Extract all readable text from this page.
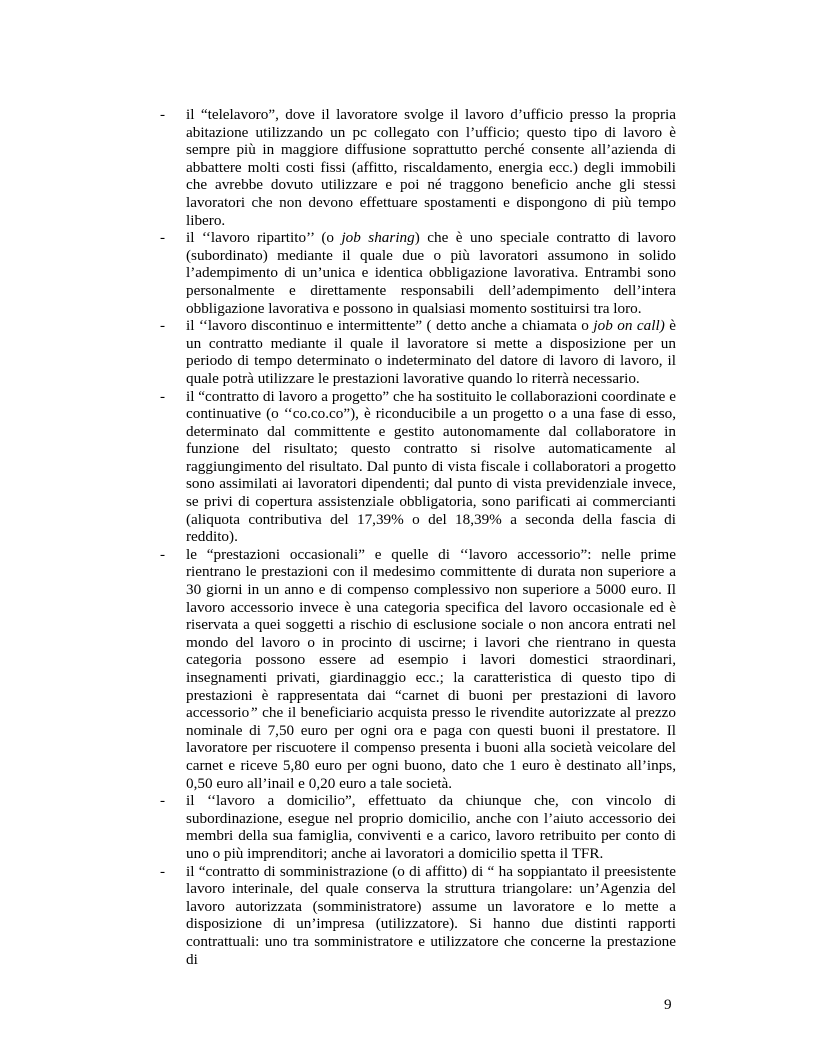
- il “telelavoro”, dove il lavoratore svolge il lavoro d’ufficio presso la propria abitazione utilizzando un pc collegato con l’ufficio; questo tipo di lavoro è sempre più in maggiore diffusione soprattutto perché consente all’azienda di abbattere molti costi fissi (affitto, riscaldamento, energia ecc.) degli immobili che avrebbe dovuto utilizzare e poi né traggono beneficio anche gli stessi lavoratori che non devono effettuare spostamenti e dispongono di più tempo libero.
- il ‘‘lavoro ripartito’’ (o job sharing) che è uno speciale contratto di lavoro (subordinato) mediante il quale due o più lavoratori assumono in solido l’adempimento di un’unica e identica obbligazione lavorativa. Entrambi sono personalmente e direttamente responsabili dell’adempimento dell’intera obbligazione lavorativa e possono in qualsiasi momento sostituirsi tra loro.
- il ‘‘lavoro discontinuo e intermittente” ( detto anche a chiamata o job on call) è un contratto mediante il quale il lavoratore si mette a disposizione per un periodo di tempo determinato o indeterminato del datore di lavoro di lavoro, il quale potrà utilizzare le prestazioni lavorative quando lo riterrà necessario.
- il “contratto di lavoro a progetto” che ha sostituito le collaborazioni coordinate e continuative (o ‘‘co.co.co”), è riconducibile a un progetto o a una fase di esso, determinato dal committente e gestito autonomamente dal collaboratore in funzione del risultato; questo contratto si risolve automaticamente al raggiungimento del risultato. Dal punto di vista fiscale i collaboratori a progetto sono assimilati ai lavoratori dipendenti; dal punto di vista previdenziale invece, se privi di copertura assistenziale obbligatoria, sono parificati ai commercianti (aliquota contributiva del 17,39% o del 18,39% a seconda della fascia di reddito).
- le “prestazioni occasionali” e quelle di ‘‘lavoro accessorio”: nelle prime rientrano le prestazioni con il medesimo committente di durata non superiore a 30 giorni in un anno e di compenso complessivo non superiore a 5000 euro. Il lavoro accessorio invece è una categoria specifica del lavoro occasionale ed è riservata a quei soggetti a rischio di esclusione sociale o non ancora entrati nel mondo del lavoro o in procinto di uscirne; i lavori che rientrano in questa categoria possono essere ad esempio i lavori domestici straordinari, insegnamenti privati, giardinaggio ecc.; la caratteristica di questo tipo di prestazioni è rappresentata dai “carnet di buoni per prestazioni di lavoro accessorio” che il beneficiario acquista presso le rivendite autorizzate al prezzo nominale di 7,50 euro per ogni ora e paga con questi buoni il prestatore. Il lavoratore per riscuotere il compenso presenta i buoni alla società veicolare del carnet e riceve 5,80 euro per ogni buono, dato che 1 euro è destinato all’inps, 0,50 euro all’inail e 0,20 euro a tale società.
- il ‘‘lavoro a domicilio”, effettuato da chiunque che, con vincolo di subordinazione, esegue nel proprio domicilio, anche con l’aiuto accessorio dei membri della sua famiglia, conviventi e a carico, lavoro retribuito per conto di uno o più imprenditori; anche ai lavoratori a domicilio spetta il TFR.
- il “contratto di somministrazione (o di affitto) di “ ha soppiantato il preesistente lavoro interinale, del quale conserva la struttura triangolare: un’Agenzia del lavoro autorizzata (somministratore) assume un lavoratore e lo mette a disposizione di un’impresa (utilizzatore). Si hanno due distinti rapporti contrattuali: uno tra somministratore e utilizzatore che concerne la prestazione di
9
